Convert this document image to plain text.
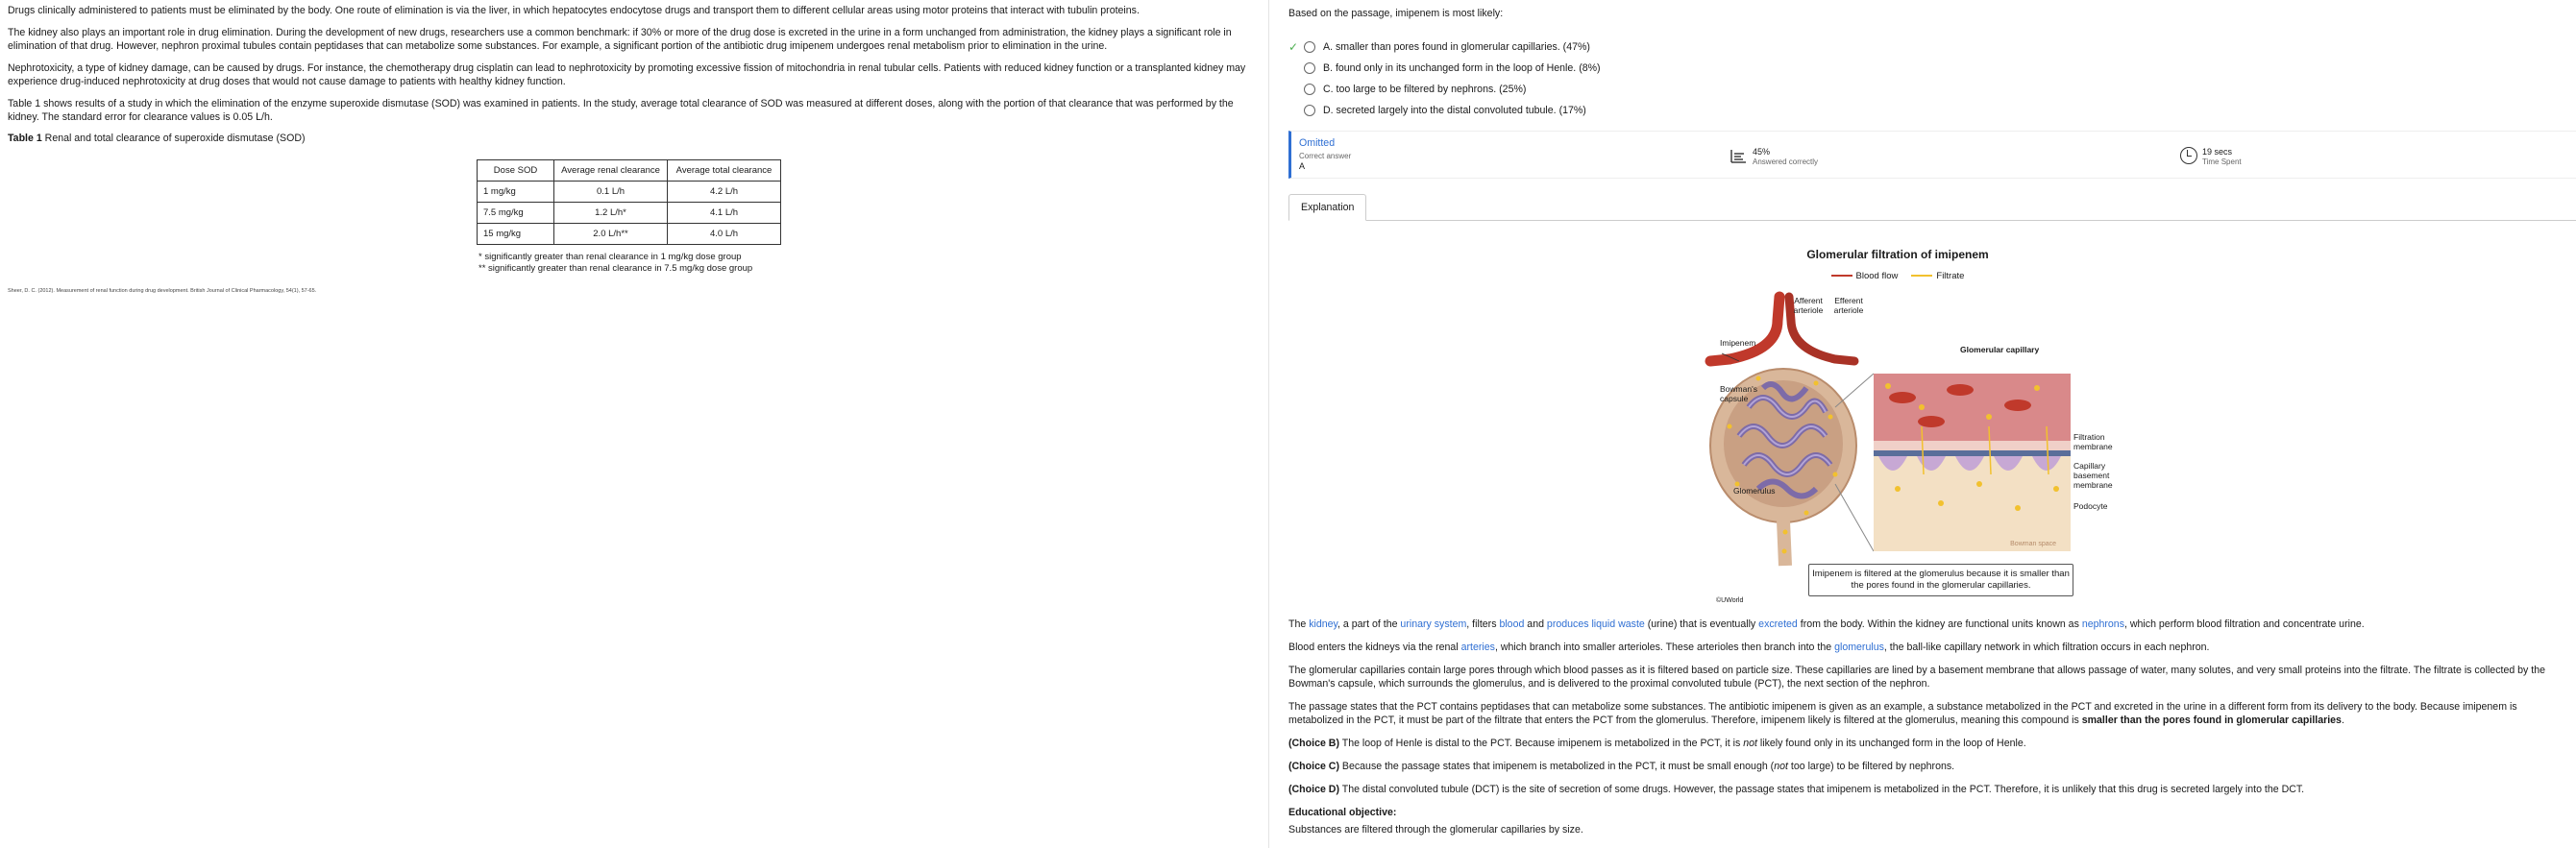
Drugs clinically administered to patients must be eliminated by the body. One route of elimination is via the liver, in which hepatocytes endocytose drugs and transport them to different cellular areas using motor proteins that interact with tubulin proteins.

The kidney also plays an important role in drug elimination. During the development of new drugs, researchers use a common benchmark: if 30% or more of the drug dose is excreted in the urine in a form unchanged from administration, the kidney plays a significant role in elimination of that drug. However, nephron proximal tubules contain peptidases that can metabolize some substances. For example, a significant portion of the antibiotic drug imipenem undergoes renal metabolism prior to elimination in the urine.

Nephrotoxicity, a type of kidney damage, can be caused by drugs. For instance, the chemotherapy drug cisplatin can lead to nephrotoxicity by promoting excessive fission of mitochondria in renal tubular cells. Patients with reduced kidney function or a transplanted kidney may experience drug-induced nephrotoxicity at drug doses that would not cause damage to patients with healthy kidney function.

Table 1 shows results of a study in which the elimination of the enzyme superoxide dismutase (SOD) was examined in patients. In the study, average total clearance of SOD was measured at different doses, along with the portion of that clearance that was performed by the kidney. The standard error for clearance values is 0.05 L/h.

Table 1 Renal and total clearance of superoxide dismutase (SOD)

Dose SOD	Average renal clearance	Average total clearance
1 mg/kg	0.1 L/h	4.2 L/h
7.5 mg/kg	1.2 L/h*	4.1 L/h
15 mg/kg	2.0 L/h**	4.0 L/h
* significantly greater than renal clearance in 1 mg/kg dose group
** significantly greater than renal clearance in 7.5 mg/kg dose group
Sheer, D. C. (2012). Measurement of renal function during drug development. British Journal of Clinical Pharmacology, 54(1), 57-65.

Based on the passage, imipenem is most likely:

✓ A. smaller than pores found in glomerular capillaries. (47%)
B. found only in its unchanged form in the loop of Henle. (8%)
C. too large to be filtered by nephrons. (25%)
D. secreted largely into the distal convoluted tubule. (17%)
Omitted
Correct answer
A
45%
Answered correctly
19 secs
Time Spent
Explanation
Glomerular filtration of imipenem
Blood flow	Filtrate
Bowman space
Afferent arteriole
Efferent arteriole
Imipenem
Bowman's capsule
Glomerulus
Glomerular capillary
Filtration membrane
Capillary basement membrane
Podocyte
Imipenem is filtered at the glomerulus because it is smaller than the pores found in the glomerular capillaries.
©UWorld

The kidney, a part of the urinary system, filters blood and produces liquid waste (urine) that is eventually excreted from the body. Within the kidney are functional units known as nephrons, which perform blood filtration and concentrate urine.

Blood enters the kidneys via the renal arteries, which branch into smaller arterioles. These arterioles then branch into the glomerulus, the ball-like capillary network in which filtration occurs in each nephron.

The glomerular capillaries contain large pores through which blood passes as it is filtered based on particle size. These capillaries are lined by a basement membrane that allows passage of water, many solutes, and very small proteins into the filtrate. The filtrate is collected by the Bowman's capsule, which surrounds the glomerulus, and is delivered to the proximal convoluted tubule (PCT), the next section of the nephron.

The passage states that the PCT contains peptidases that can metabolize some substances. The antibiotic imipenem is given as an example, a substance metabolized in the PCT and excreted in the urine in a different form from its delivery to the body. Because imipenem is metabolized in the PCT, it must be part of the filtrate that enters the PCT from the glomerulus. Therefore, imipenem likely is filtered at the glomerulus, meaning this compound is smaller than the pores found in glomerular capillaries.

(Choice B) The loop of Henle is distal to the PCT. Because imipenem is metabolized in the PCT, it is not likely found only in its unchanged form in the loop of Henle.

(Choice C) Because the passage states that imipenem is metabolized in the PCT, it must be small enough (not too large) to be filtered by nephrons.

(Choice D) The distal convoluted tubule (DCT) is the site of secretion of some drugs. However, the passage states that imipenem is metabolized in the PCT. Therefore, it is unlikely that this drug is secreted largely into the DCT.

Educational objective:
Substances are filtered through the glomerular capillaries by size.
